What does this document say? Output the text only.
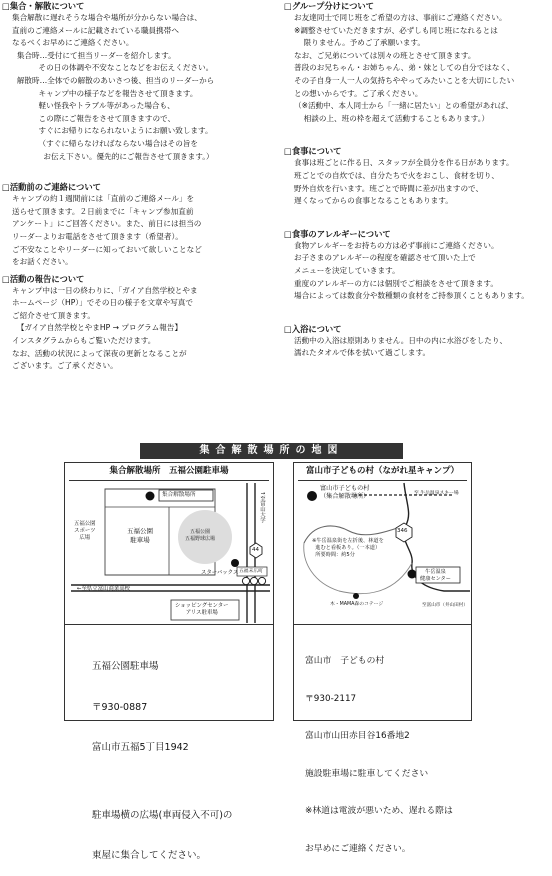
□集合・解散について
集合解散に遅れそうな場合や場所が分からない場合は、
直前のご連絡メールに記載されている職員携帯へ
なるべくお早めにご連絡ください。
集合時…受付にて担当リーダーを紹介します。
その日の体調や不安なことなどをお伝えください。
解散時…全体での解散のあいさつ後、担当のリーダーから
キャンプ中の様子などを報告させて頂きます。
軽い怪我やトラブル等があった場合も、
この際にご報告をさせて頂きますので、
すぐにお帰りになられないようにお願い致します。
（すぐに帰らなければならない場合はその旨を
お伝え下さい。優先的にご報告させて頂きます。）
□活動前のご連絡について
キャンプの約１週間前には「直前のご連絡メール」を
送らせて頂きます。２日前までに「キャンプ参加直前
アンケート」にご回答ください。また、前日には担当の
リーダーよりお電話をさせて頂きます（希望者）。
ご不安なことやリーダーに知っておいて欲しいことなど
をお話ください。
□活動の報告について
キャンプ中は一日の終わりに、「ガイア自然学校とやま
ホームページ（HP）」でその日の様子を文章や写真で
ご紹介させて頂きます。
【ガイア自然学校とやまHP → プログラム報告】
インスタグラムからもご覧いただけます。
なお、活動の状況によって深夜の更新となることが
ございます。ご了承ください。
□グループ分けについて
お友達同士で同じ班をご希望の方は、事前にご連絡ください。
※調整させていただきますが、必ずしも同じ班になれるとは
限りません。予めご了承願います。
なお、ご兄弟については別々の班とさせて頂きます。
普段のお兄ちゃん・お姉ちゃん、弟・妹としての自分ではなく、
その子自身一人一人の気持ちややってみたいことを大切にしたい
との想いからです。ご了承ください。
（※活動中、本人同士から「一緒に居たい」との希望があれば、
相談の上、班の枠を超えて活動することもあります。）
□食事について
食事は班ごとに作る日、スタッフが全員分を作る日があります。
班ごとでの自炊では、自分たちで火をおこし、食材を切り、
野外自炊を行います。班ごとで時間に差が出ますので、
遅くなってからの食事となることもあります。
□食事のアレルギーについて
食物アレルギーをお持ちの方は必ず事前にご連絡ください。
お子さまのアレルギーの程度を確認させて頂いた上で
メニューを決定していきます。
重度のアレルギーの方には個別でご相談をさせて頂きます。
場合によっては数食分や数種類の食材をご持参頂くこともあります。
□入浴について
活動中の入浴は原則ありません。日中の内に水浴びをしたり、
濡れたタオルで体を拭いて過ごします。
集合解散場所の地図
集合解散場所　五福公園駐車場
集合解散場所	↑至富山大学
五福公園
スポーツ
広場
五福公園
駐車場
五福公園
五福野球広場
スターバックス 五福末広町
44
←至県立富山商業高校
ショッピングセンター
アリス駐車場

五福公園駐車場

〒930-0887

富山市五福5丁目1942

駐車場横の広場(車両侵入不可)の

東屋に集合してください。

富山市子どもの村（ながれ星キャンプ）
富山市子どもの村
（集合解散場所）	至 牛岳温泉スキー場
346
※牛岳温泉街を左折後、林道を
進むと看板あり。（一本道）
所要時間：約5分
牛岳温泉
健康センター
木・MAMA森のコテージ	至富山市（井山田村）

富山市　子どもの村

〒930-2117

富山市山田赤目谷16番地2

施設駐車場に駐車してください

※林道は電波が悪いため、遅れる際は

お早めにご連絡ください。
